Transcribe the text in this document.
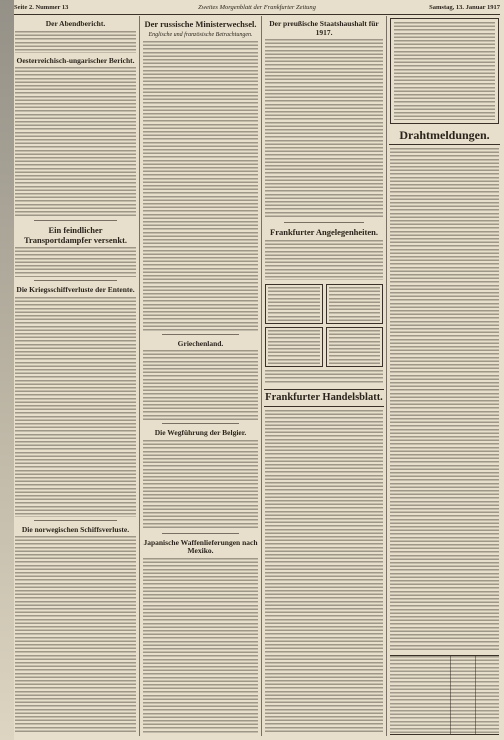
Seite 2. Nummer 13	Zweites Morgenblatt der Frankfurter Zeitung	Samstag, 13. Januar 1917
Der Abendbericht.
Oesterreichisch-ungarischer Bericht.
Ein feindlicher Transportdampfer versenkt.
Die Kriegsschiffverluste der Entente.
Die norwegischen Schiffsverluste.
Der russische Ministerwechsel.
Englische und französische Betrachtungen.
Griechenland.
Die Wegführung der Belgier.
Japanische Waffenlieferungen nach Mexiko.
Der preußische Staatshaushalt für 1917.
Frankfurter Angelegenheiten.
Frankfurter Handelsblatt.
Drahtmeldungen.
